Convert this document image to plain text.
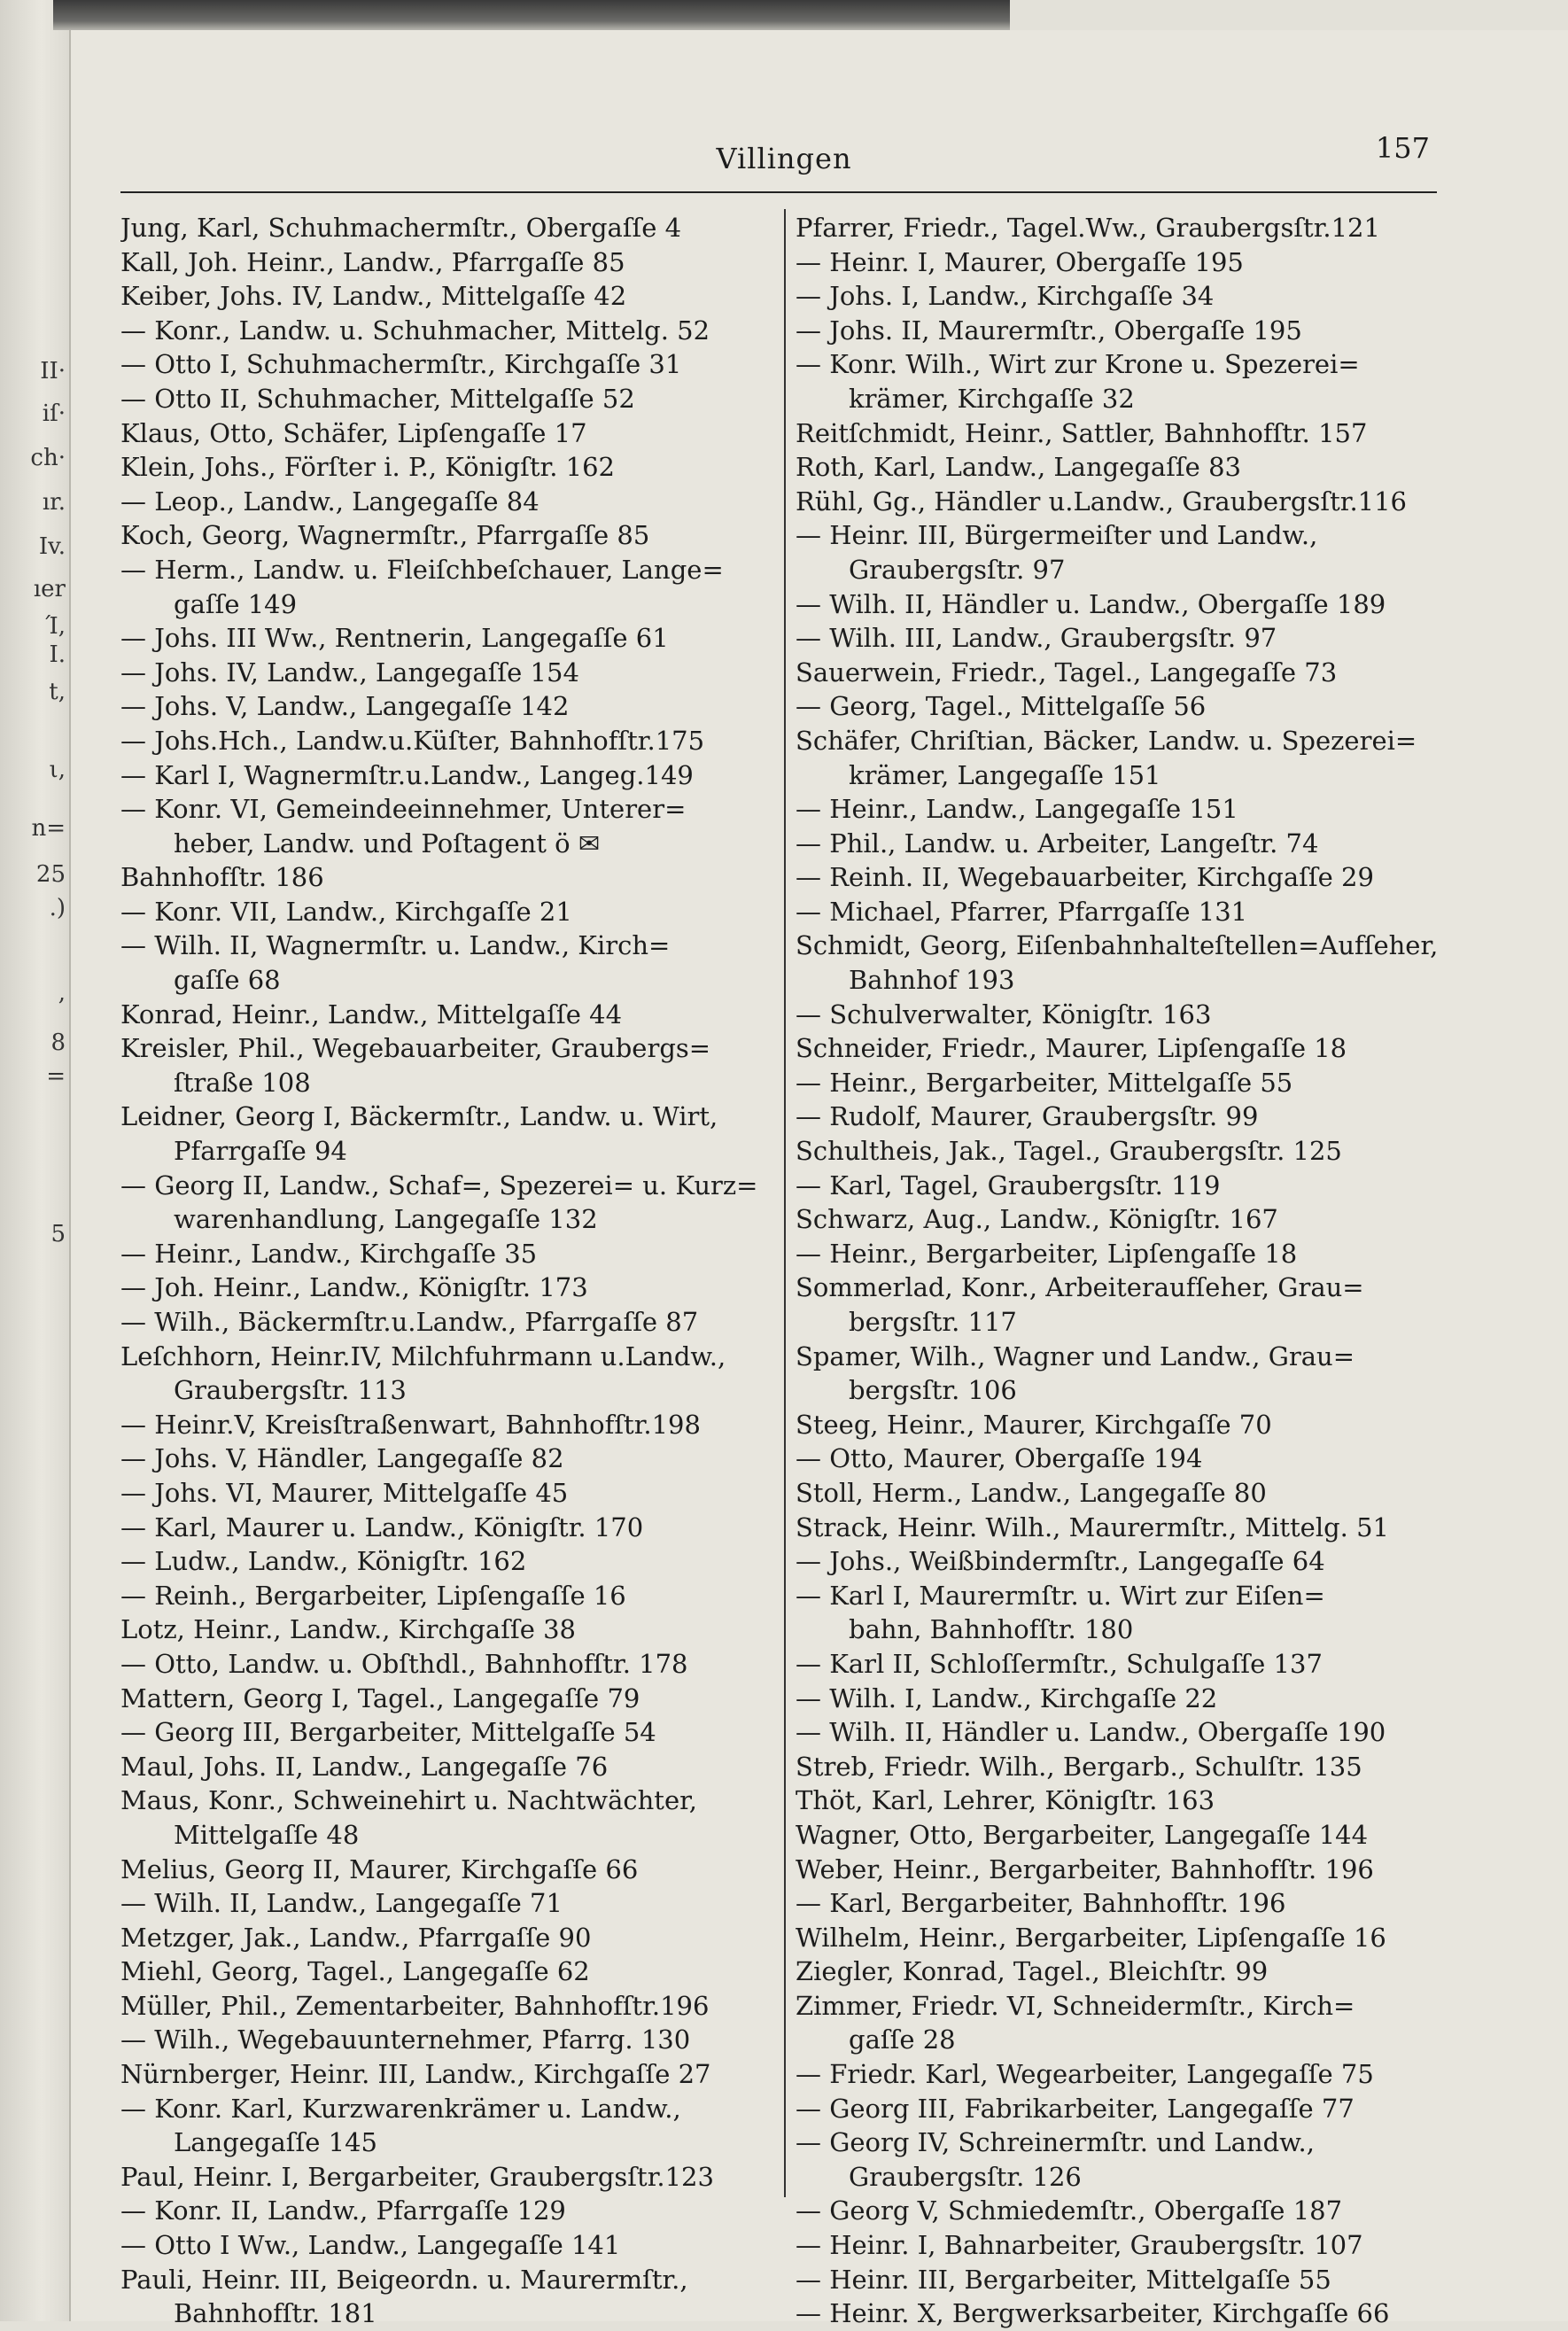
II·
iſ·
ch·
ır.
Iv.
ıer
Ί,
I.
t,
ι,
n=
25
.)
,
8
=
5
Villingen	157
Jung, Karl, Schuhmachermſtr., Obergaſſe 4
Kall, Joh. Heinr., Landw., Pfarrgaſſe 85
Keiber, Johs. IV, Landw., Mittelgaſſe 42
— Konr., Landw. u. Schuhmacher, Mittelg. 52
— Otto I, Schuhmachermſtr., Kirchgaſſe 31
— Otto II, Schuhmacher, Mittelgaſſe 52
Klaus, Otto, Schäfer, Lipſengaſſe 17
Klein, Johs., Förſter i. P., Königſtr. 162
— Leop., Landw., Langegaſſe 84
Koch, Georg, Wagnermſtr., Pfarrgaſſe 85
— Herm., Landw. u. Fleiſchbeſchauer, Lange=
gaſſe 149
— Johs. III Ww., Rentnerin, Langegaſſe 61
— Johs. IV, Landw., Langegaſſe 154
— Johs. V, Landw., Langegaſſe 142
— Johs.Hch., Landw.u.Küſter, Bahnhofſtr.175
— Karl I, Wagnermſtr.u.Landw., Langeg.149
— Konr. VI, Gemeindeeinnehmer, Unterer=
heber, Landw. und Poſtagent ö ✉
Bahnhofſtr. 186
— Konr. VII, Landw., Kirchgaſſe 21
— Wilh. II, Wagnermſtr. u. Landw., Kirch=
gaſſe 68
Konrad, Heinr., Landw., Mittelgaſſe 44
Kreisler, Phil., Wegebauarbeiter, Graubergs=
ſtraße 108
Leidner, Georg I, Bäckermſtr., Landw. u. Wirt,
Pfarrgaſſe 94
— Georg II, Landw., Schaf=, Spezerei= u. Kurz=
warenhandlung, Langegaſſe 132
— Heinr., Landw., Kirchgaſſe 35
— Joh. Heinr., Landw., Königſtr. 173
— Wilh., Bäckermſtr.u.Landw., Pfarrgaſſe 87
Leſchhorn, Heinr.IV, Milchfuhrmann u.Landw.,
Graubergsſtr. 113
— Heinr.V, Kreisſtraßenwart, Bahnhofſtr.198
— Johs. V, Händler, Langegaſſe 82
— Johs. VI, Maurer, Mittelgaſſe 45
— Karl, Maurer u. Landw., Königſtr. 170
— Ludw., Landw., Königſtr. 162
— Reinh., Bergarbeiter, Lipſengaſſe 16
Lotz, Heinr., Landw., Kirchgaſſe 38
— Otto, Landw. u. Obſthdl., Bahnhofſtr. 178
Mattern, Georg I, Tagel., Langegaſſe 79
— Georg III, Bergarbeiter, Mittelgaſſe 54
Maul, Johs. II, Landw., Langegaſſe 76
Maus, Konr., Schweinehirt u. Nachtwächter,
Mittelgaſſe 48
Melius, Georg II, Maurer, Kirchgaſſe 66
— Wilh. II, Landw., Langegaſſe 71
Metzger, Jak., Landw., Pfarrgaſſe 90
Miehl, Georg, Tagel., Langegaſſe 62
Müller, Phil., Zementarbeiter, Bahnhofſtr.196
— Wilh., Wegebauunternehmer, Pfarrg. 130
Nürnberger, Heinr. III, Landw., Kirchgaſſe 27
— Konr. Karl, Kurzwarenkrämer u. Landw.,
Langegaſſe 145
Paul, Heinr. I, Bergarbeiter, Graubergsſtr.123
— Konr. II, Landw., Pfarrgaſſe 129
— Otto I Ww., Landw., Langegaſſe 141
Pauli, Heinr. III, Beigeordn. u. Maurermſtr.,
Bahnhofſtr. 181
Pfarrer, Friedr., Tagel.Ww., Graubergsſtr.121
— Heinr. I, Maurer, Obergaſſe 195
— Johs. I, Landw., Kirchgaſſe 34
— Johs. II, Maurermſtr., Obergaſſe 195
— Konr. Wilh., Wirt zur Krone u. Spezerei=
krämer, Kirchgaſſe 32
Reitſchmidt, Heinr., Sattler, Bahnhofſtr. 157
Roth, Karl, Landw., Langegaſſe 83
Rühl, Gg., Händler u.Landw., Graubergsſtr.116
— Heinr. III, Bürgermeiſter und Landw.,
Graubergsſtr. 97
— Wilh. II, Händler u. Landw., Obergaſſe 189
— Wilh. III, Landw., Graubergsſtr. 97
Sauerwein, Friedr., Tagel., Langegaſſe 73
— Georg, Tagel., Mittelgaſſe 56
Schäfer, Chriſtian, Bäcker, Landw. u. Spezerei=
krämer, Langegaſſe 151
— Heinr., Landw., Langegaſſe 151
— Phil., Landw. u. Arbeiter, Langeſtr. 74
— Reinh. II, Wegebauarbeiter, Kirchgaſſe 29
— Michael, Pfarrer, Pfarrgaſſe 131
Schmidt, Georg, Eiſenbahnhalteſtellen=Aufſeher,
Bahnhof 193
— Schulverwalter, Königſtr. 163
Schneider, Friedr., Maurer, Lipſengaſſe 18
— Heinr., Bergarbeiter, Mittelgaſſe 55
— Rudolf, Maurer, Graubergsſtr. 99
Schultheis, Jak., Tagel., Graubergsſtr. 125
— Karl, Tagel, Graubergsſtr. 119
Schwarz, Aug., Landw., Königſtr. 167
— Heinr., Bergarbeiter, Lipſengaſſe 18
Sommerlad, Konr., Arbeiteraufſeher, Grau=
bergsſtr. 117
Spamer, Wilh., Wagner und Landw., Grau=
bergsſtr. 106
Steeg, Heinr., Maurer, Kirchgaſſe 70
— Otto, Maurer, Obergaſſe 194
Stoll, Herm., Landw., Langegaſſe 80
Strack, Heinr. Wilh., Maurermſtr., Mittelg. 51
— Johs., Weißbindermſtr., Langegaſſe 64
— Karl I, Maurermſtr. u. Wirt zur Eiſen=
bahn, Bahnhofſtr. 180
— Karl II, Schloſſermſtr., Schulgaſſe 137
— Wilh. I, Landw., Kirchgaſſe 22
— Wilh. II, Händler u. Landw., Obergaſſe 190
Streb, Friedr. Wilh., Bergarb., Schulſtr. 135
Thöt, Karl, Lehrer, Königſtr. 163
Wagner, Otto, Bergarbeiter, Langegaſſe 144
Weber, Heinr., Bergarbeiter, Bahnhofſtr. 196
— Karl, Bergarbeiter, Bahnhofſtr. 196
Wilhelm, Heinr., Bergarbeiter, Lipſengaſſe 16
Ziegler, Konrad, Tagel., Bleichſtr. 99
Zimmer, Friedr. VI, Schneidermſtr., Kirch=
gaſſe 28
— Friedr. Karl, Wegearbeiter, Langegaſſe 75
— Georg III, Fabrikarbeiter, Langegaſſe 77
— Georg IV, Schreinermſtr. und Landw.,
Graubergsſtr. 126
— Georg V, Schmiedemſtr., Obergaſſe 187
— Heinr. I, Bahnarbeiter, Graubergsſtr. 107
— Heinr. III, Bergarbeiter, Mittelgaſſe 55
— Heinr. X, Bergwerksarbeiter, Kirchgaſſe 66
